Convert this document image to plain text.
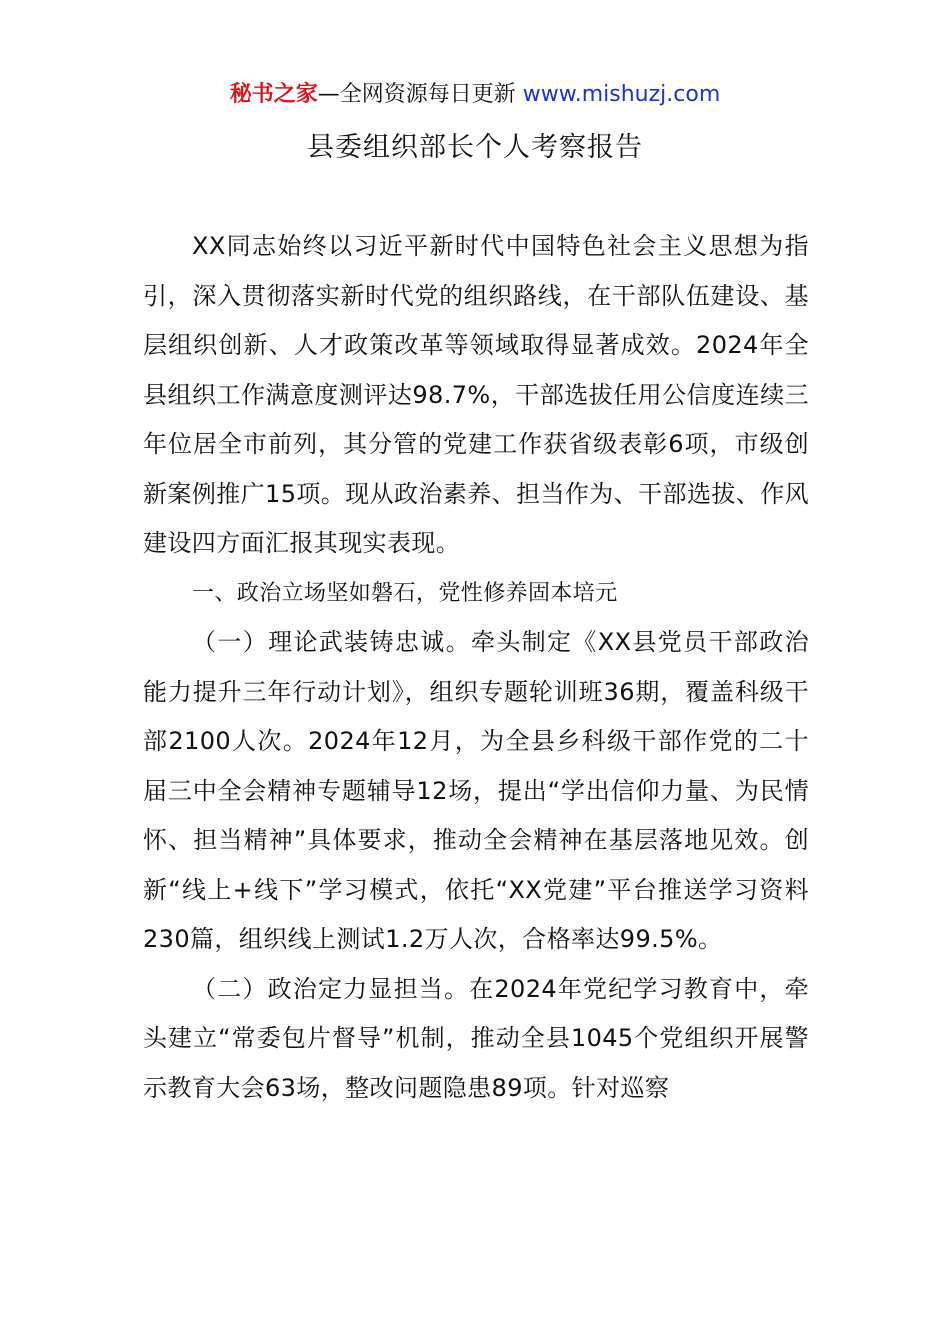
秘书之家—全网资源每日更新 www.mishuzj.com
县委组织部长个人考察报告

XX同志始终以习近平新时代中国特色社会主义思想为指引，深入贯彻落实新时代党的组织路线，在干部队伍建设、基层组织创新、人才政策改革等领域取得显著成效。2024年全县组织工作满意度测评达98.7%，干部选拔任用公信度连续三年位居全市前列，其分管的党建工作获省级表彰6项，市级创新案例推广15项。现从政治素养、担当作为、干部选拔、作风建设四方面汇报其现实表现。

一、政治立场坚如磐石，党性修养固本培元

（一）理论武装铸忠诚。牵头制定《XX县党员干部政治能力提升三年行动计划》，组织专题轮训班36期，覆盖科级干部2100人次。2024年12月，为全县乡科级干部作党的二十届三中全会精神专题辅导12场，提出“学出信仰力量、为民情怀、担当精神”具体要求，推动全会精神在基层落地见效。创新“线上+线下”学习模式，依托“XX党建”平台推送学习资料230篇，组织线上测试1.2万人次，合格率达99.5%。

（二）政治定力显担当。在2024年党纪学习教育中，牵头建立“常委包片督导”机制，推动全县1045个党组织开展警示教育大会63场，整改问题隐患89项。针对巡察
